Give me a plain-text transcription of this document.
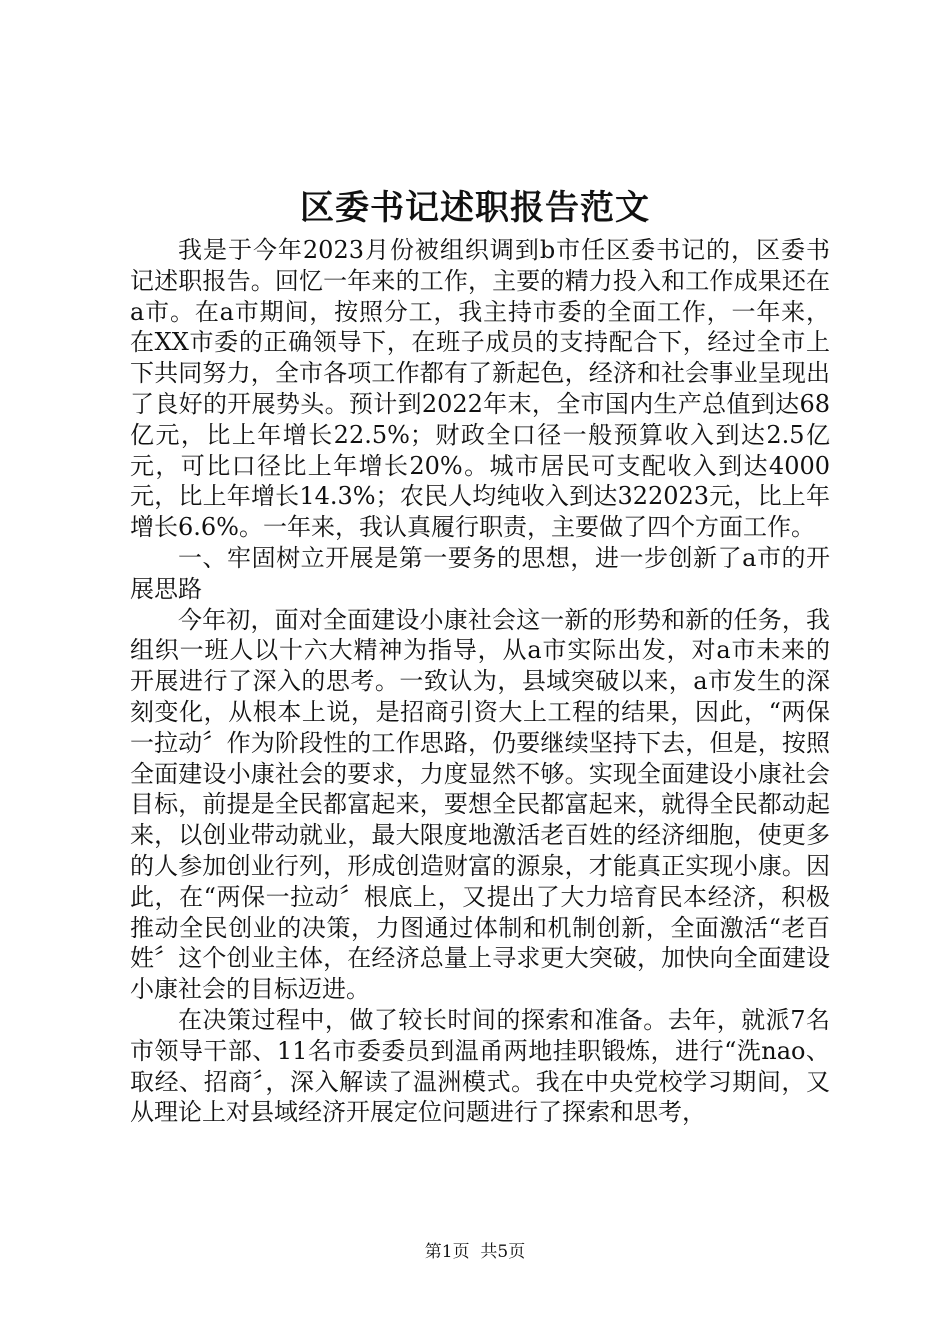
区委书记述职报告范文

我是于今年2023月份被组织调到b市任区委书记的，区委书记述职报告。回忆一年来的工作，主要的精力投入和工作成果还在a市。在a市期间，按照分工，我主持市委的全面工作，一年来，在XX市委的正确领导下，在班子成员的支持配合下，经过全市上下共同努力，全市各项工作都有了新起色，经济和社会事业呈现出了良好的开展势头。预计到2022年末，全市国内生产总值到达68亿元，比上年增长22.5%；财政全口径一般预算收入到达2.5亿元，可比口径比上年增长20%。城市居民可支配收入到达4000元，比上年增长14.3%；农民人均纯收入到达322023元，比上年增长6.6%。一年来，我认真履行职责，主要做了四个方面工作。

一、牢固树立开展是第一要务的思想，进一步创新了a市的开展思路

今年初，面对全面建设小康社会这一新的形势和新的任务，我组织一班人以十六大精神为指导，从a市实际出发，对a市未来的开展进行了深入的思考。一致认为，县域突破以来，a市发生的深刻变化，从根本上说，是招商引资大上工程的结果，因此，“两保一拉动〞作为阶段性的工作思路，仍要继续坚持下去，但是，按照全面建设小康社会的要求，力度显然不够。实现全面建设小康社会目标，前提是全民都富起来，要想全民都富起来，就得全民都动起来，以创业带动就业，最大限度地激活老百姓的经济细胞，使更多的人参加创业行列，形成创造财富的源泉，才能真正实现小康。因此，在“两保一拉动〞根底上，又提出了大力培育民本经济，积极推动全民创业的决策，力图通过体制和机制创新，全面激活“老百姓〞这个创业主体，在经济总量上寻求更大突破，加快向全面建设小康社会的目标迈进。

在决策过程中，做了较长时间的探索和准备。去年，就派7名市领导干部、11名市委委员到温甬两地挂职锻炼，进行“洗nao、取经、招商〞，深入解读了温洲模式。我在中央党校学习期间，又从理论上对县域经济开展定位问题进行了探索和思考，

第1页  共5页
